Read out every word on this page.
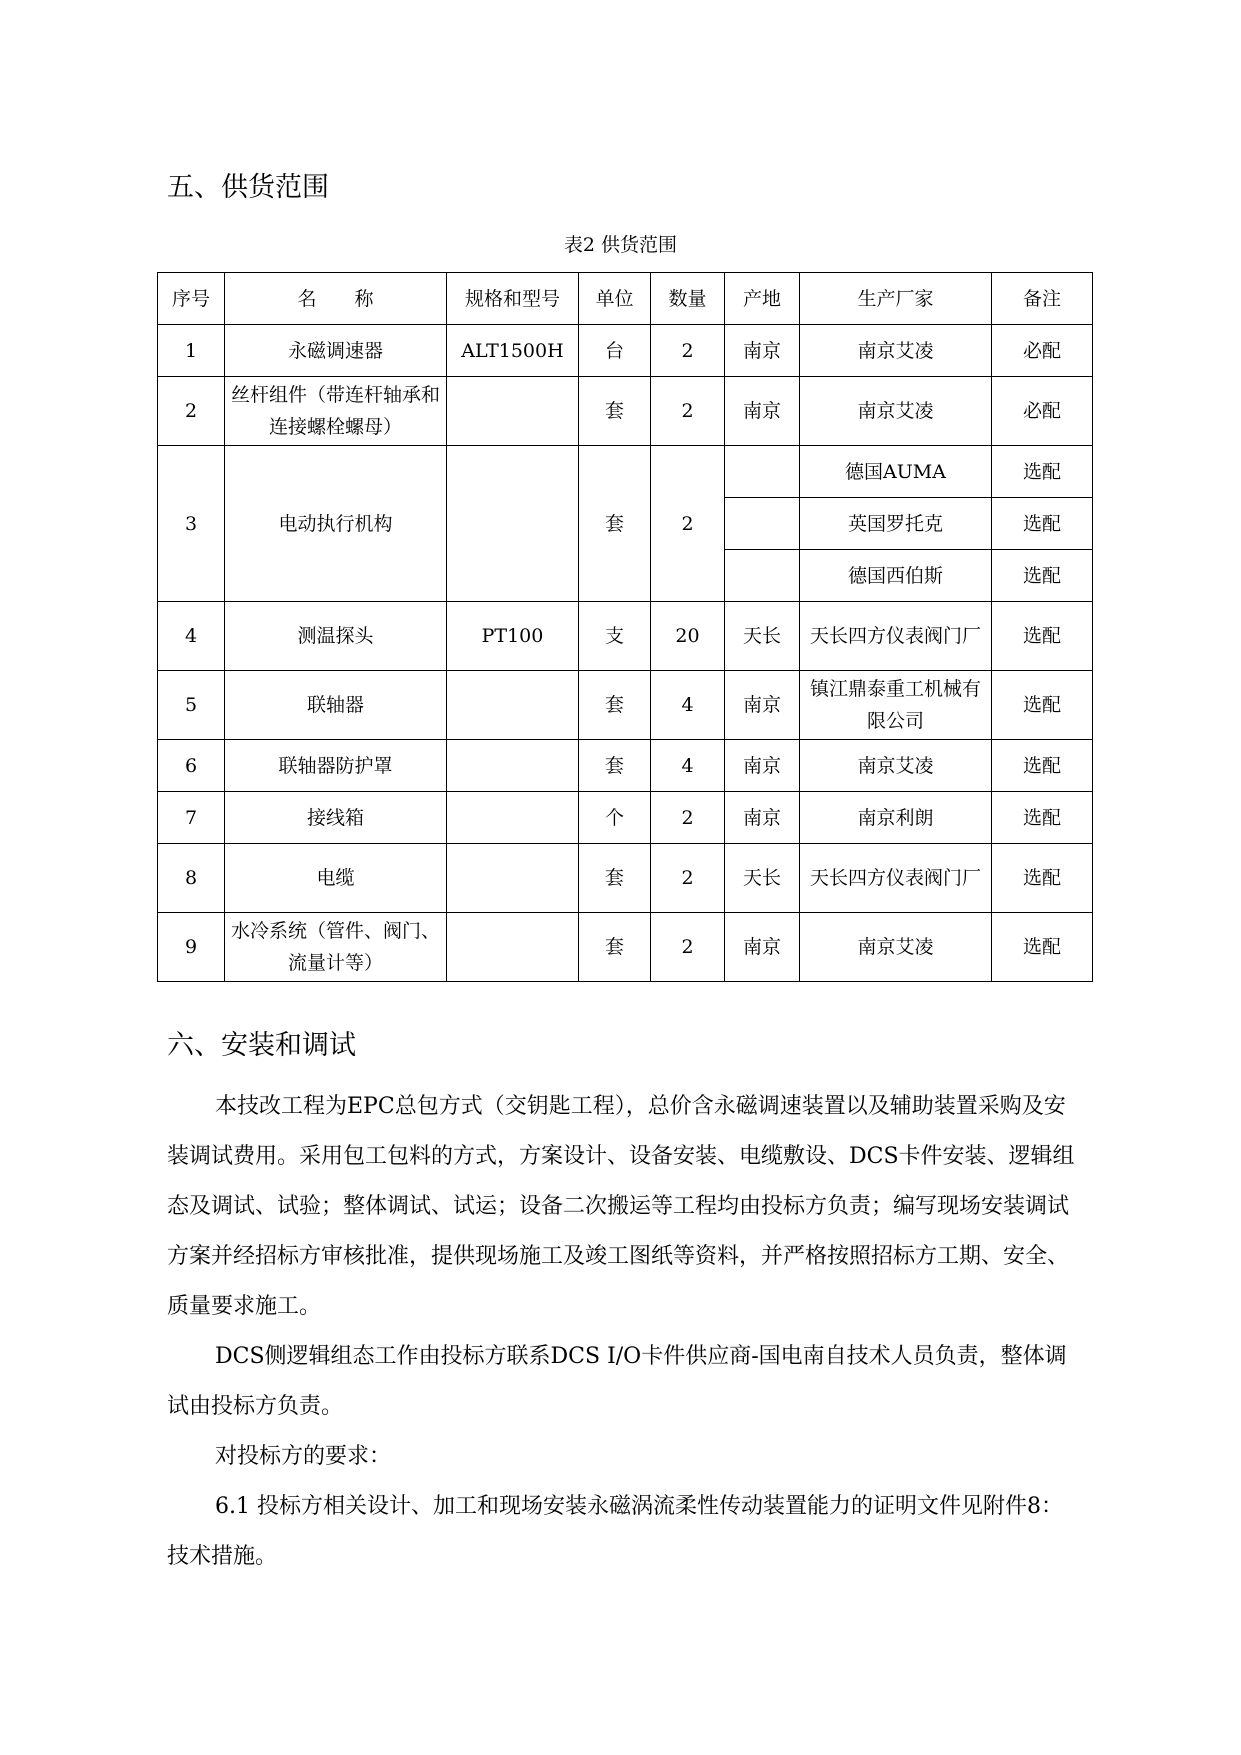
五、供货范围
表2 供货范围
序号	名　　称	规格和型号	单位	数量	产地	生产厂家	备注
1	永磁调速器	ALT1500H	台	2	南京	南京艾凌	必配
2	丝杆组件（带连杆轴承和连接螺栓螺母）		套	2	南京	南京艾凌	必配
3	电动执行机构		套	2		德国AUMA	选配
						英国罗托克	选配
						德国西伯斯	选配
4	测温探头	PT100	支	20	天长	天长四方仪表阀门厂	选配
5	联轴器		套	4	南京	镇江鼎泰重工机械有限公司	选配
6	联轴器防护罩		套	4	南京	南京艾凌	选配
7	接线箱		个	2	南京	南京利朗	选配
8	电缆		套	2	天长	天长四方仪表阀门厂	选配
9	水冷系统（管件、阀门、流量计等）		套	2	南京	南京艾凌	选配
六、安装和调试

本技改工程为EPC总包方式（交钥匙工程），总价含永磁调速装置以及辅助装置采购及安装调试费用。采用包工包料的方式，方案设计、设备安装、电缆敷设、DCS卡件安装、逻辑组态及调试、试验；整体调试、试运；设备二次搬运等工程均由投标方负责；编写现场安装调试方案并经招标方审核批准，提供现场施工及竣工图纸等资料，并严格按照招标方工期、安全、质量要求施工。

DCS侧逻辑组态工作由投标方联系DCS I/O卡件供应商-国电南自技术人员负责，整体调试由投标方负责。

对投标方的要求：

6.1 投标方相关设计、加工和现场安装永磁涡流柔性传动装置能力的证明文件见附件8：技术措施。
